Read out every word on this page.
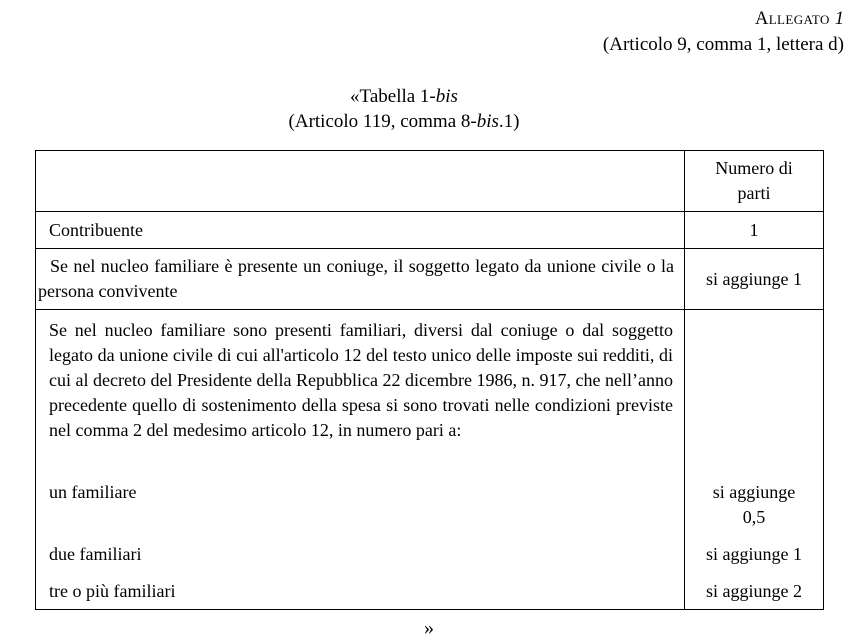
Allegato 1
(Articolo 9, comma 1, lettera d)
«Tabella 1-bis
(Articolo 119, comma 8-bis.1)
	Numero di parti
Contribuente	1
Se nel nucleo familiare è presente un coniuge, il soggetto legato da unione civile o la persona convivente	si aggiunge 1

Se nel nucleo familiare sono presenti familiari, diversi dal coniuge o dal soggetto legato da unione civile di cui all'articolo 12 del testo unico delle imposte sui redditi, di cui al decreto del Presidente della Repubblica 22 dicembre 1986, n. 917, che nell’anno precedente quello di sostenimento della spesa si sono trovati nelle condizioni previste nel comma 2 del medesimo articolo 12, in numero pari a:	

un familiare	si aggiunge 0,5
due familiari	si aggiunge 1
tre o più familiari	si aggiunge 2
»
